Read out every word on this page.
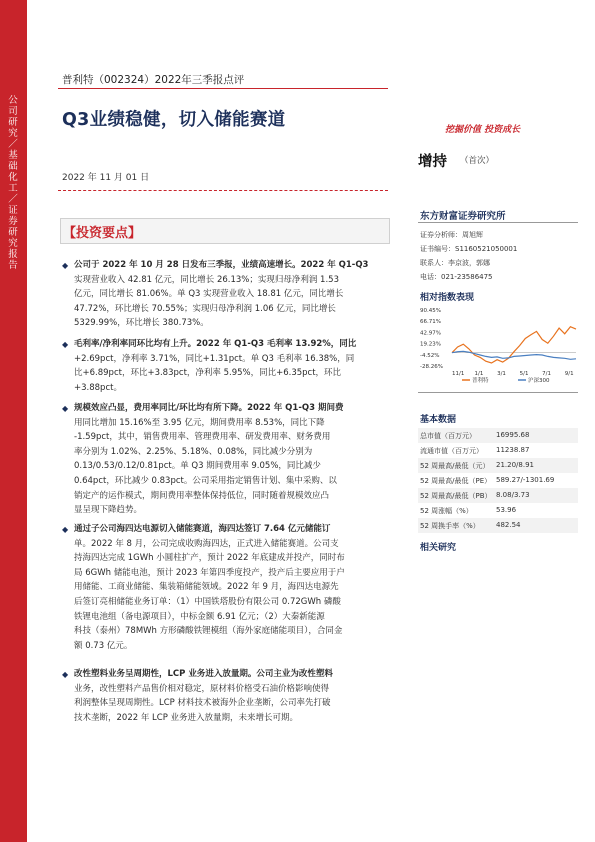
公司研究／基础化工／证券研究报告
普利特（002324）2022年三季报点评
Q3业绩稳健，切入储能赛道	挖掘价值 投资成长
2022 年 11 月 01 日
增持 （首次）
【投资要点】
◆ 公司于 2022 年 10 月 28 日发布三季报，业绩高速增长。2022 年 Q1-Q3
实现营业收入 42.81 亿元，同比增长 26.13%；实现归母净利润 1.53
亿元，同比增长 81.06%。单 Q3 实现营业收入 18.81 亿元，同比增长
47.72%，环比增长 70.55%；实现归母净利润 1.06 亿元，同比增长
5329.99%，环比增长 380.73%。
◆ 毛利率/净利率同环比均有上升。2022 年 Q1-Q3 毛利率 13.92%，同比
+2.69pct，净利率 3.71%，同比+1.31pct。单 Q3 毛利率 16.38%，同
比+6.89pct，环比+3.83pct，净利率 5.95%，同比+6.35pct，环比
+3.88pct。
◆ 规模效应凸显，费用率同比/环比均有所下降。2022 年 Q1-Q3 期间费
用同比增加 15.16%至 3.95 亿元，期间费用率 8.53%，同比下降
-1.59pct，其中，销售费用率、管理费用率、研发费用率、财务费用
率分别为 1.02%、2.25%、5.18%、0.08%，同比减少分别为
0.13/0.53/0.12/0.81pct。单 Q3 期间费用率 9.05%，同比减少
0.64pct，环比减少 0.83pct。公司采用指定销售计划、集中采购、以
销定产的运作模式，期间费用率整体保持低位，同时随着规模效应凸
显呈现下降趋势。
◆ 通过子公司海四达电源切入储能赛道，海四达签订 7.64 亿元储能订
单。2022 年 8 月，公司完成收购海四达，正式进入储能赛道。公司支
持海四达完成 1GWh 小圆柱扩产，预计 2022 年底建成并投产，同时布
局 6GWh 储能电池，预计 2023 年第四季度投产，投产后主要应用于户
用储能、工商业储能、集装箱储能领域。2022 年 9 月，海四达电源先
后签订亮相储能业务订单：（1）中国铁塔股份有限公司 0.72GWh 磷酸
铁锂电池组（备电源项目），中标金额 6.91 亿元；（2）大秦新能源
科技（泰州）78MWh 方形磷酸铁锂模组（海外家庭储能项目），合同金
额 0.73 亿元。
◆ 改性塑料业务呈周期性，LCP 业务进入放量期。公司主业为改性塑料
业务，改性塑料产品售价相对稳定，原材料价格受石油价格影响使得
利润整体呈现周期性。LCP 材料技术被海外企业垄断，公司率先打破
技术垄断，2022 年 LCP 业务进入放量期，未来增长可期。
东方财富证券研究所
证券分析师：周旭辉
证书编号：S1160521050001
联系人：李京波，郭娜
电话：021-23586475
相对指数表现
90.45%
66.71%
42.97%
19.23%
-4.52%
-28.26%
11/1 1/1 3/1 5/1 7/1 9/1
普利特	沪深300
基本数据
总市值（百万元）	16995.68
流通市值（百万元） 11238.87
52 周最高/最低（元） 21.20/8.91
52 周最高/最低（PE） 589.27/-1301.69
52 周最高/最低（PB） 8.08/3.73
52 周涨幅（%）	53.96
52 周换手率（%） 482.54
相关研究
